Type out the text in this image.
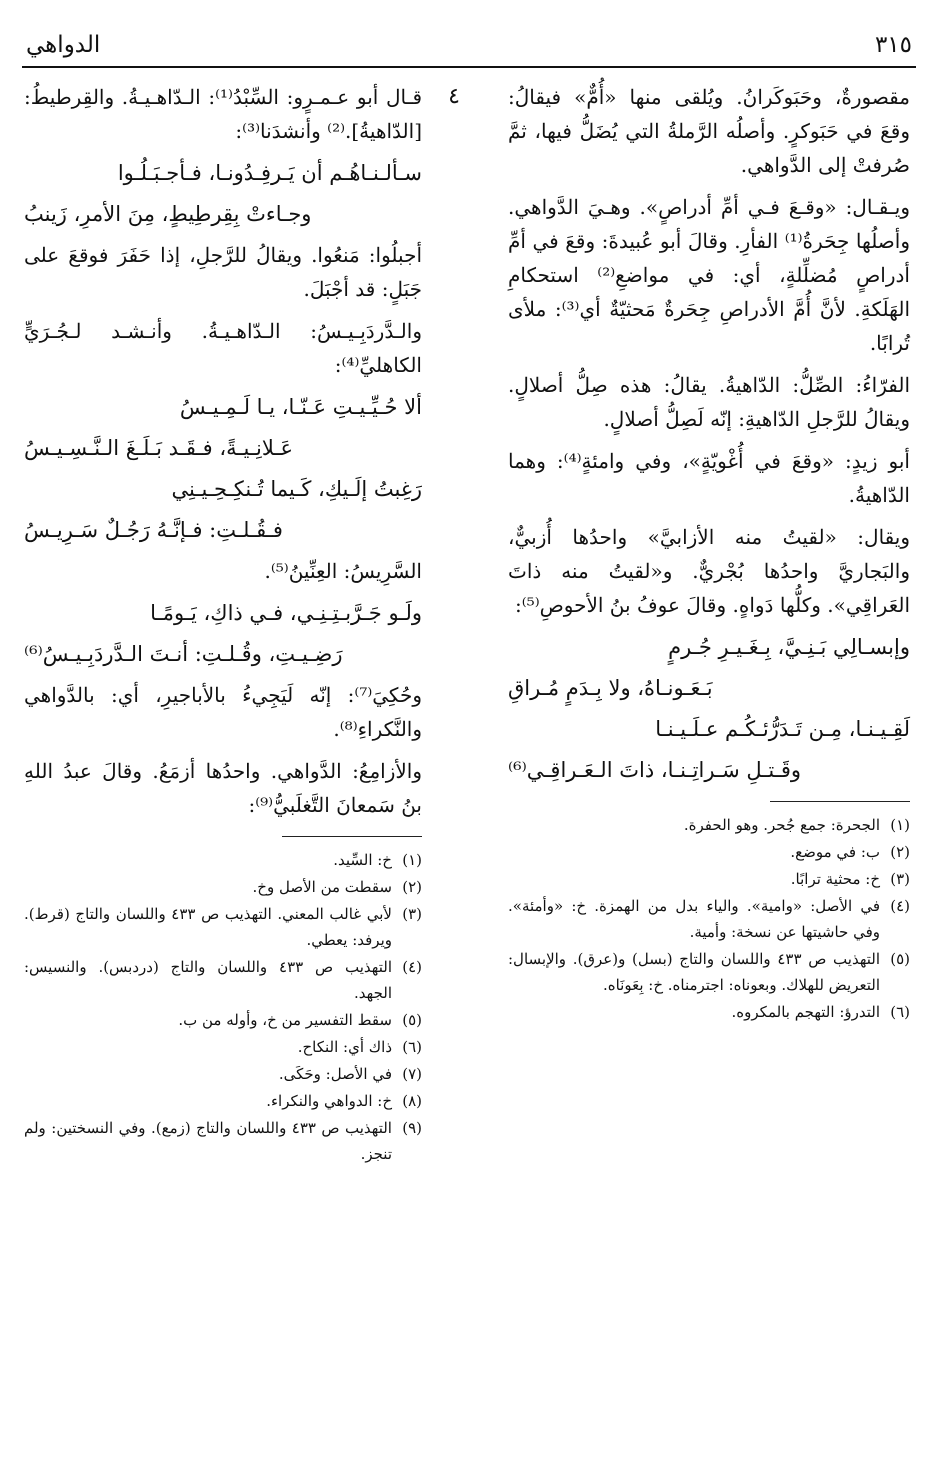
٣١٥
الدواهي
٤ مقصورةٌ، وحَبَوكَرانُ. ويُلقى منها «أُمٌّ» فيقالُ: وقعَ في حَبَوكرٍ. وأصلُه الرَّملةُ التي يُضَلُّ فيها، ثمَّ صُرفتْ إلى الدَّواهي.

ويـقـال: «وقـعَ فـي أمِّ أدراصٍ». وهـيَ الدَّواهي. وأصلُها جِحَرةُ⁽¹⁾ الفأرِ. وقالَ أبو عُبيدةَ: وقعَ في أمِّ أدراصٍ مُضلِّلةٍ، أي: في مواضعِ⁽²⁾ استحكامِ الهَلَكةِ. لأنَّ أُمَّ الأدراصِ جِحَرةٌ مَحثيّةٌ أي⁽³⁾: ملأى تُرابًا.

الفرّاءُ: الصِّلُّ: الدّاهيةُ. يقالُ: هذه صِلُّ أصلالٍ. ويقالُ للرَّجلِ الدّاهيةِ: إنّه لَصِلُّ أصلالٍ.

أبو زيدٍ: «وقعَ في أُغْويّةٍ»، وفي وامئةٍ⁽⁴⁾: وهما الدّاهيةُ.

ويقال: «لقيتُ منه الأزابيَّ» واحدُها أُزبيٌّ، والبَجاريَّ واحدُها بُجْريٌّ. و«لقيتُ منه ذاتَ العَراقِي». وكلُّها دَواهٍ. وقالَ عوفُ بنُ الأحوصِ⁽⁵⁾:

وإبسـالِي بَـنِـيَّ، بِـغَـيـرِ جُـرمٍ
بَـعَـونـاهُ، ولا بِـدَمٍ مُـراقِ
لَقِـيـنـا، مِـن تَـدَرُّئـكُـم عـلَـيـنـا
وقَـتـلِ سَـراتِـنـا، ذاتَ الـعَـراقِـي⁽⁶⁾
(١)
الجحرة: جمع جُحر. وهو الحفرة.
(٢)
ب: في موضع.
(٣)
خ: محثية ترابًا.
(٤)
في الأصل: «وامية». والياء بدل من الهمزة. خ: «وأمئة». وفي حاشيتها عن نسخة: وأمية.
(٥)
التهذيب ص ٤٣٣ واللسان والتاج (بسل) و(عرق). والإبسال: التعريض للهلاك. وبعوناه: اجترمناه. خ: بِعَونَاه.
(٦)
التدرؤ: التهجم بالمكروه.

قـال أبو عـمـرٍو: السِّبْدُ⁽¹⁾: الـدّاهـيـةُ. والقِرطيطُ: [الدّاهيةُ].⁽²⁾ وأنشدَنا⁽³⁾:

سـألـنـاهُـم أن يَـرفِـدُونـا، فـأجـبَـلُـوا
وجـاءتْ بِقِرطِيطٍ، مِنَ الأمرِ، زَينبُ

أجبلُوا: مَنعُوا. ويقالُ للرَّجلِ، إذا حَفَرَ فوقعَ على جَبَلٍ: قد أجْبَلَ.

والـدَّردَبِـيـسُ: الـدّاهـيـةُ. وأنـشـد لـجُـرَيٍّ الكاهليِّ⁽⁴⁾:

ألا حُـيِّـيـتِ عَـنّـا، يـا لَـمِـيـسُ
عَـلانِـيـةً، فـقَـد بَـلَـغَ الـنَّـسِـيـسُ
رَغِبتُ إلَـيكِ، كَـيما تُـنكِـحِـيـنِي
فـقُـلـتِ: فـإنَّـهُ رَجُـلٌ سَـرِيـسُ

السَّرِيسُ: العِنِّينُ⁽⁵⁾.

ولَـو جَـرَّبـتِـنِـي، فـي ذاكِ، يَـومًـا
رَضِـيـتِ، وقُـلـتِ: أنـتَ الـدَّردَبِـيـسُ⁽⁶⁾

وحُكِيَ⁽⁷⁾: إنّه لَيَجِيءُ بالأباجيرِ، أي: بالدَّواهي والنَّكراءِ⁽⁸⁾.

والأزامِعُ: الدَّواهي. واحدُها أزمَعُ. وقالَ عبدُ اللهِ بنُ سَمعانَ التَّغلَبيُّ⁽⁹⁾:

(١)
خ: السِّيد.
(٢)
سقطت من الأصل وخ.
(٣)
لأبي غالب المعني. التهذيب ص ٤٣٣ واللسان والتاج (قرط). ويرفد: يعطي.
(٤)
التهذيب ص ٤٣٣ واللسان والتاج (دردبس). والنسيس: الجهد.
(٥)
سقط التفسير من خ، وأوله من ب.
(٦)
ذاك أي: النكاح.
(٧)
في الأصل: وحَكَى.
(٨)
خ: الدواهي والنكراء.
(٩)
التهذيب ص ٤٣٣ واللسان والتاج (زمع). وفي النسختين: ولم تنجز.
